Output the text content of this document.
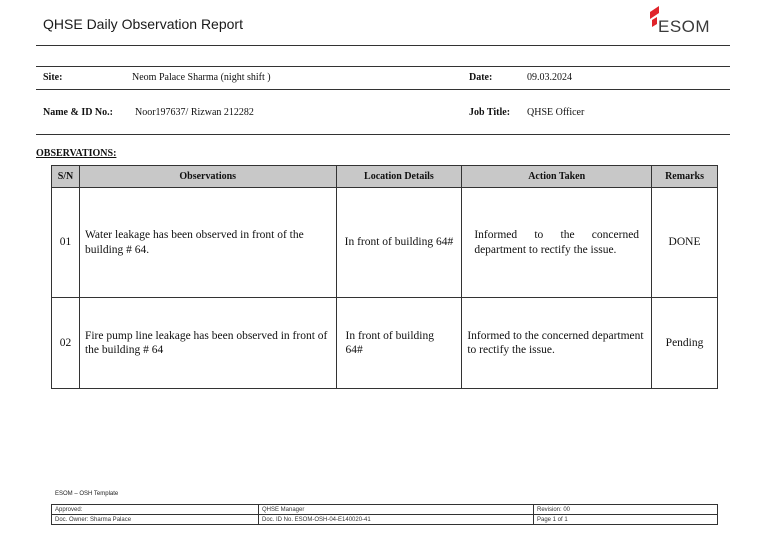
QHSE Daily Observation Report	ESOM
Site:	Neom Palace Sharma (night shift )	Date:	09.03.2024
Name & ID No.: Noor197637/ Rizwan 212282	Job Title: QHSE Officer
OBSERVATIONS:
S/N	Observations	Location Details	Action Taken	Remarks
01	Water leakage has been observed in front of the building # 64.	In front of building 64#	Informed to the concerned department to rectify the issue.	DONE
02	Fire pump line leakage has been observed in front of the building # 64	In front of building 64#	Informed to the concerned department to rectify the issue.	Pending
ESOM – OSH Template
Approved:	QHSE Manager	Revision: 00
Doc. Owner: Sharma Palace	Doc. ID No. ESOM-OSH-04-E140020-41	Page 1 of 1
